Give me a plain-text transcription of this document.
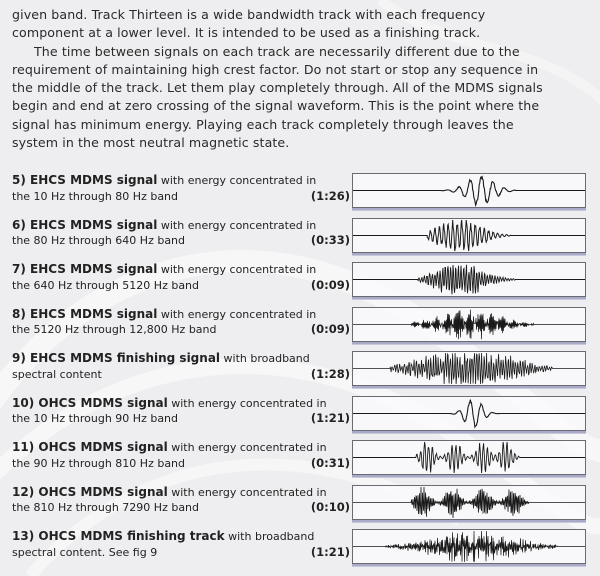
given band. Track Thirteen is a wide bandwidth track with each frequency
component at a lower level. It is intended to be used as a finishing track.

The time between signals on each track are necessarily different due to the
requirement of maintaining high crest factor. Do not start or stop any sequence in
the middle of the track. Let them play completely through. All of the MDMS signals
begin and end at zero crossing of the signal waveform. This is the point where the
signal has minimum energy. Playing each track completely through leaves the
system in the most neutral magnetic state.

5) EHCS MDMS signal with energy concentrated in
the 10 Hz through 80 Hz band	(1:26)
6) EHCS MDMS signal with energy concentrated in
the 80 Hz through 640 Hz band	(0:33)
7) EHCS MDMS signal with energy concentrated in
the 640 Hz through 5120 Hz band	(0:09)
8) EHCS MDMS signal with energy concentrated in
the 5120 Hz through 12,800 Hz band	(0:09)
9) EHCS MDMS finishing signal with broadband
spectral content	(1:28)
10) OHCS MDMS signal with energy concentrated in
the 10 Hz through 90 Hz band	(1:21)
11) OHCS MDMS signal with energy concentrated in
the 90 Hz through 810 Hz band	(0:31)
12) OHCS MDMS signal with energy concentrated in
the 810 Hz through 7290 Hz band	(0:10)
13) OHCS MDMS finishing track with broadband
spectral content. See fig 9	(1:21)
